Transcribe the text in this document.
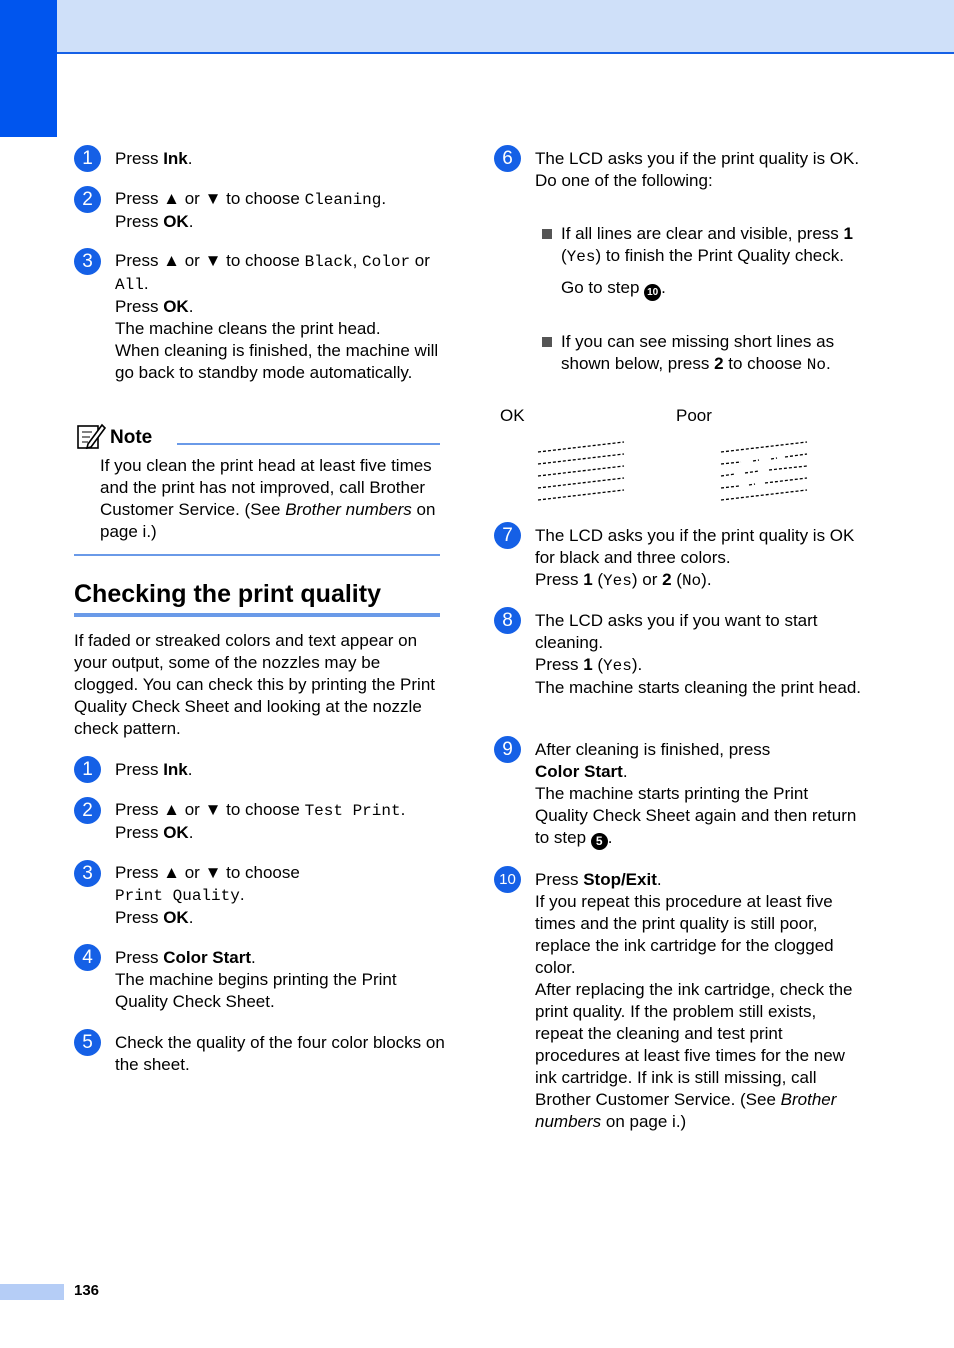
1	Press Ink.

2	Press ▲ or ▼ to choose Cleaning.

Press OK.

3	Press ▲ or ▼ to choose Black, Color or

All.

Press OK.

The machine cleans the print head.

When cleaning is finished, the machine will go back to standby mode automatically.

Note

If you clean the print head at least five times and the print has not improved, call Brother Customer Service. (See Brother numbers on page i.)

Checking the print quality

If faded or streaked colors and text appear on your output, some of the nozzles may be clogged. You can check this by printing the Print Quality Check Sheet and looking at the nozzle check pattern.

1	Press Ink.

2	Press ▲ or ▼ to choose Test Print.

Press OK.

3	Press ▲ or ▼ to choose

Print Quality.

Press OK.

4	Press Color Start.

The machine begins printing the Print Quality Check Sheet.

5	Check the quality of the four color blocks on the sheet.

6	The LCD asks you if the print quality is OK.

Do one of the following:

If all lines are clear and visible, press 1 (Yes) to finish the Print Quality check.

Go to step 10 .

If you can see missing short lines as shown below, press 2 to choose No.

OK	Poor
7	The LCD asks you if the print quality is OK for black and three colors.

Press 1 (Yes) or 2 (No).

8	The LCD asks you if you want to start cleaning.

Press 1 (Yes).

The machine starts cleaning the print head.

9	After cleaning is finished, press

Color Start.

The machine starts printing the Print Quality Check Sheet again and then return to step 5 .

10	Press Stop/Exit.

If you repeat this procedure at least five times and the print quality is still poor, replace the ink cartridge for the clogged color.

After replacing the ink cartridge, check the print quality. If the problem still exists, repeat the cleaning and test print procedures at least five times for the new ink cartridge. If ink is still missing, call Brother Customer Service. (See Brother numbers on page i.)

136
